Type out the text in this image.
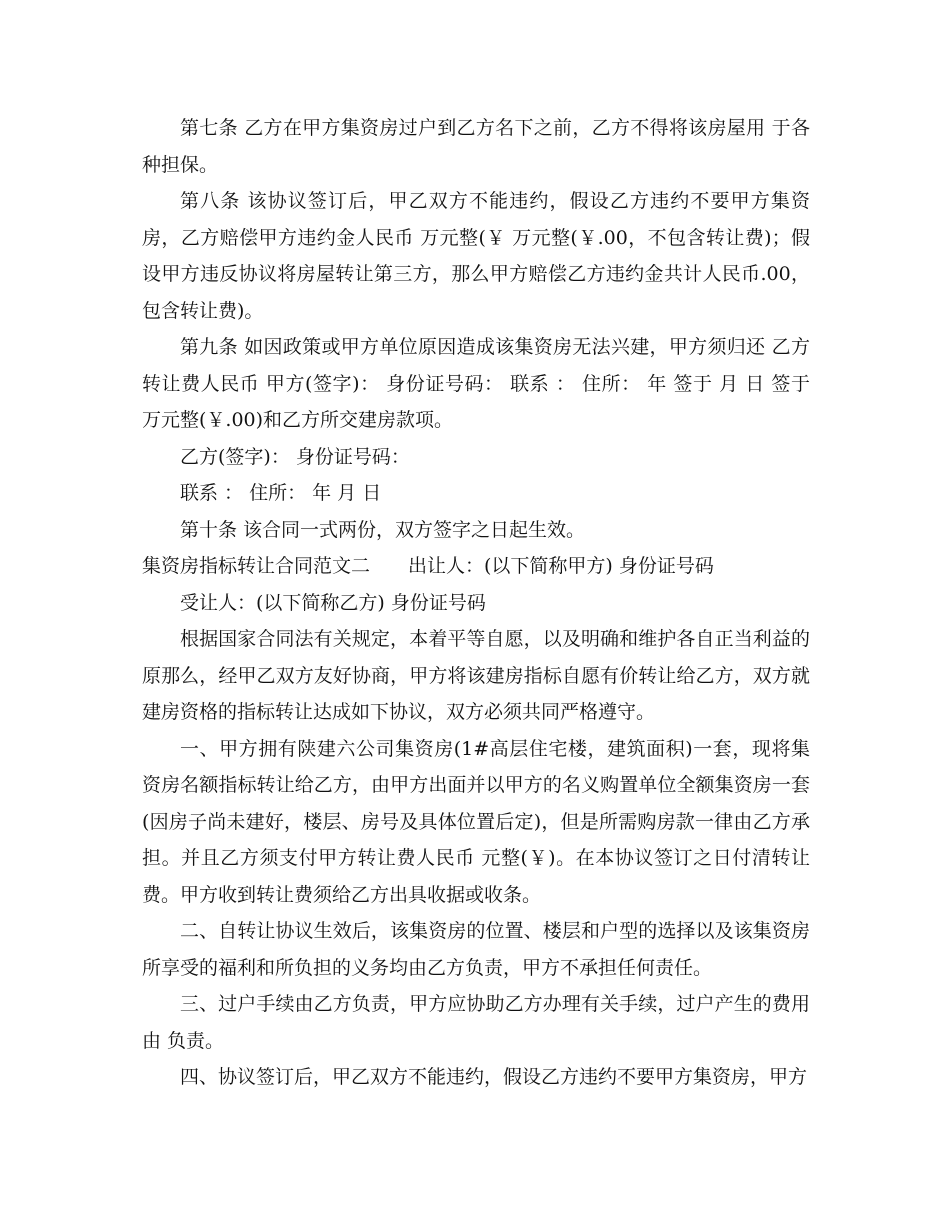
第七条 乙方在甲方集资房过户到乙方名下之前，乙方不得将该房屋用 于各种担保。

第八条 该协议签订后，甲乙双方不能违约，假设乙方违约不要甲方集资 房，乙方赔偿甲方违约金人民币 万元整(￥ 万元整(￥.00，不包含转让费)；假设甲方违反协议将房屋转让第三方，那么甲方赔偿乙方违约金共计人民币.00，包含转让费)。

第九条 如因政策或甲方单位原因造成该集资房无法兴建，甲方须归还 乙方转让费人民币 甲方(签字)： 身份证号码： 联系 ： 住所： 年 签于 月 日 签于 万元整(￥.00)和乙方所交建房款项。

乙方(签字)： 身份证号码：

联系 ： 住所： 年 月 日

第十条 该合同一式两份，双方签字之日起生效。

集资房指标转让合同范文二　　出让人：(以下简称甲方) 身份证号码

受让人：(以下简称乙方) 身份证号码

根据国家合同法有关规定，本着平等自愿，以及明确和维护各自正当利益的原那么，经甲乙双方友好协商，甲方将该建房指标自愿有价转让给乙方，双方就建房资格的指标转让达成如下协议，双方必须共同严格遵守。

一、甲方拥有陕建六公司集资房(1#高层住宅楼，建筑面积)一套，现将集资房名额指标转让给乙方，由甲方出面并以甲方的名义购置单位全额集资房一套(因房子尚未建好，楼层、房号及具体位置后定)，但是所需购房款一律由乙方承担。并且乙方须支付甲方转让费人民币 元整(￥)。在本协议签订之日付清转让费。甲方收到转让费须给乙方出具收据或收条。

二、自转让协议生效后，该集资房的位置、楼层和户型的选择以及该集资房所享受的福利和所负担的义务均由乙方负责，甲方不承担任何责任。

三、过户手续由乙方负责，甲方应协助乙方办理有关手续，过户产生的费用由 负责。

四、协议签订后，甲乙双方不能违约，假设乙方违约不要甲方集资房，甲方
